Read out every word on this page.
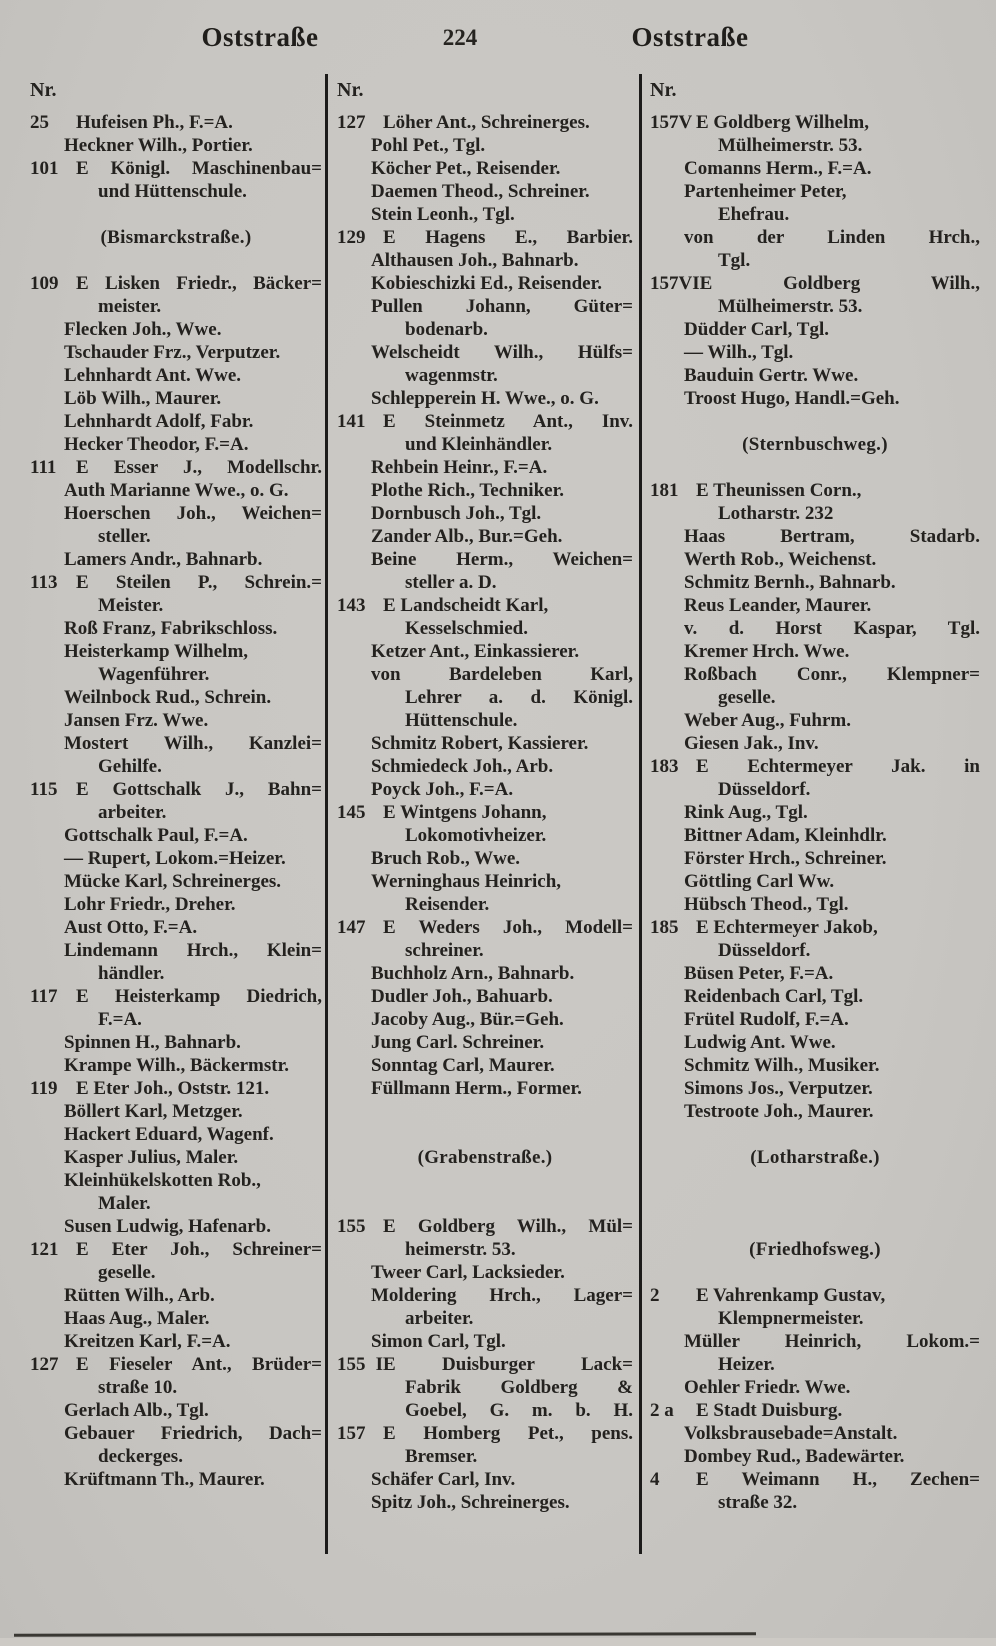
Oststraße	224	Oststraße
Nr.
25 Hufeisen Ph., F.=A.
Heckner Wilh., Portier.
101 E Königl. Maschinenbau=
und Hüttenschule.
(Bismarckstraße.)
109 E Lisken Friedr., Bäcker=
meister.
Flecken Joh., Wwe.
Tschauder Frz., Verputzer.
Lehnhardt Ant. Wwe.
Löb Wilh., Maurer.
Lehnhardt Adolf, Fabr.
Hecker Theodor, F.=A.
111 E Esser J., Modellschr.
Auth Marianne Wwe., o. G.
Hoerschen Joh., Weichen=
steller.
Lamers Andr., Bahnarb.
113 E Steilen P., Schrein.=
Meister.
Roß Franz, Fabrikschloss.
Heisterkamp Wilhelm,
Wagenführer.
Weilnbock Rud., Schrein.
Jansen Frz. Wwe.
Mostert Wilh., Kanzlei=
Gehilfe.
115 E Gottschalk J., Bahn=
arbeiter.
Gottschalk Paul, F.=A.
— Rupert, Lokom.=Heizer.
Mücke Karl, Schreinerges.
Lohr Friedr., Dreher.
Aust Otto, F.=A.
Lindemann Hrch., Klein=
händler.
117 E Heisterkamp Diedrich,
F.=A.
Spinnen H., Bahnarb.
Krampe Wilh., Bäckermstr.
119 E Eter Joh., Oststr. 121.
Böllert Karl, Metzger.
Hackert Eduard, Wagenf.
Kasper Julius, Maler.
Kleinhükelskotten Rob.,
Maler.
Susen Ludwig, Hafenarb.
121 E Eter Joh., Schreiner=
geselle.
Rütten Wilh., Arb.
Haas Aug., Maler.
Kreitzen Karl, F.=A.
127 E Fieseler Ant., Brüder=
straße 10.
Gerlach Alb., Tgl.
Gebauer Friedrich, Dach=
deckerges.
Krüftmann Th., Maurer.
Nr.
127 Löher Ant., Schreinerges.
Pohl Pet., Tgl.
Köcher Pet., Reisender.
Daemen Theod., Schreiner.
Stein Leonh., Tgl.
129 E Hagens E., Barbier.
Althausen Joh., Bahnarb.
Kobieschizki Ed., Reisender.
Pullen Johann, Güter=
bodenarb.
Welscheidt Wilh., Hülfs=
wagenmstr.
Schlepperein H. Wwe., o. G.
141 E Steinmetz Ant., Inv.
und Kleinhändler.
Rehbein Heinr., F.=A.
Plothe Rich., Techniker.
Dornbusch Joh., Tgl.
Zander Alb., Bur.=Geh.
Beine Herm., Weichen=
steller a. D.
143 E Landscheidt Karl,
Kesselschmied.
Ketzer Ant., Einkassierer.
von Bardeleben Karl,
Lehrer a. d. Königl.
Hüttenschule.
Schmitz Robert, Kassierer.
Schmiedeck Joh., Arb.
Poyck Joh., F.=A.
145 E Wintgens Johann,
Lokomotivheizer.
Bruch Rob., Wwe.
Werninghaus Heinrich,
Reisender.
147 E Weders Joh., Modell=
schreiner.
Buchholz Arn., Bahnarb.
Dudler Joh., Bahuarb.
Jacoby Aug., Bür.=Geh.
Jung Carl. Schreiner.
Sonntag Carl, Maurer.
Füllmann Herm., Former.
(Grabenstraße.)
155 E Goldberg Wilh., Mül=
heimerstr. 53.
Tweer Carl, Lacksieder.
Moldering Hrch., Lager=
arbeiter.
Simon Carl, Tgl.
155 IE Duisburger Lack=
Fabrik Goldberg &
Goebel, G. m. b. H.
157 E Homberg Pet., pens.
Bremser.
Schäfer Carl, Inv.
Spitz Joh., Schreinerges.
Nr.
157V E Goldberg Wilhelm,
Mülheimerstr. 53.
Comanns Herm., F.=A.
Partenheimer Peter,
Ehefrau.
von der Linden Hrch.,
Tgl.
157VIE Goldberg Wilh.,
Mülheimerstr. 53.
Düdder Carl, Tgl.
— Wilh., Tgl.
Bauduin Gertr. Wwe.
Troost Hugo, Handl.=Geh.
(Sternbuschweg.)
181 E Theunissen Corn.,
Lotharstr. 232
Haas Bertram, Stadarb.
Werth Rob., Weichenst.
Schmitz Bernh., Bahnarb.
Reus Leander, Maurer.
v. d. Horst Kaspar, Tgl.
Kremer Hrch. Wwe.
Roßbach Conr., Klempner=
geselle.
Weber Aug., Fuhrm.
Giesen Jak., Inv.
183 E Echtermeyer Jak. in
Düsseldorf.
Rink Aug., Tgl.
Bittner Adam, Kleinhdlr.
Förster Hrch., Schreiner.
Göttling Carl Ww.
Hübsch Theod., Tgl.
185 E Echtermeyer Jakob,
Düsseldorf.
Büsen Peter, F.=A.
Reidenbach Carl, Tgl.
Frütel Rudolf, F.=A.
Ludwig Ant. Wwe.
Schmitz Wilh., Musiker.
Simons Jos., Verputzer.
Testroote Joh., Maurer.
(Lotharstraße.)
(Friedhofsweg.)
2 E Vahrenkamp Gustav,
Klempnermeister.
Müller Heinrich, Lokom.=
Heizer.
Oehler Friedr. Wwe.
2 a E Stadt Duisburg.
Volksbrausebade=Anstalt.
Dombey Rud., Badewärter.
4 E Weimann H., Zechen=
straße 32.
